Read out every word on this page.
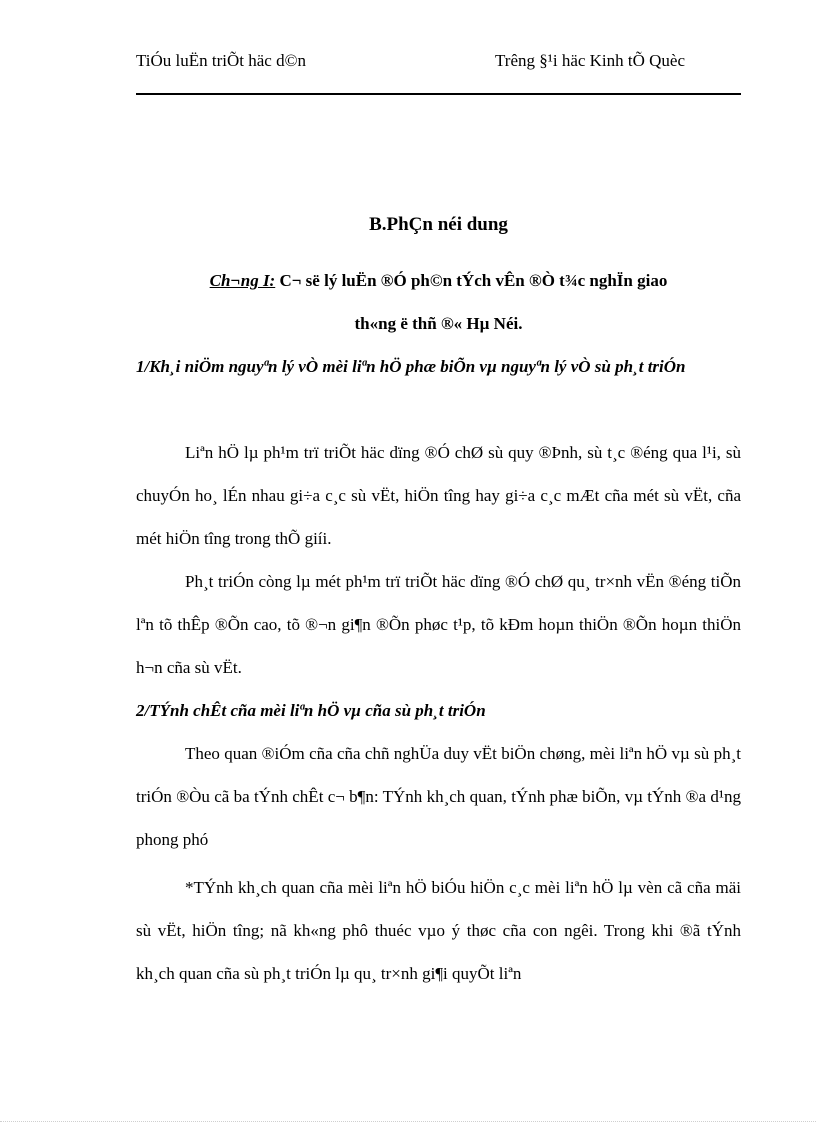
TiÓu luËn triÕt häc d©n	Trêng §¹i häc Kinh tÕ Quèc
B.PhÇn néi dung
Ch¬ng I: C¬ së lý luËn ®Ó ph©n tÝch vÊn ®Ò t¾c nghÏn giao
th«ng ë thñ ®« Hµ Néi.
1/Kh¸i niÖm nguyªn lý vÒ mèi liªn hÖ phæ biÕn vµ nguyªn lý vÒ sù ph¸t triÓn

Liªn hÖ lµ ph¹m trï triÕt häc dïng ®Ó chØ sù quy ®Þnh, sù t¸c ®éng qua l¹i, sù chuyÓn ho¸ lÉn nhau gi÷a c¸c sù vËt, hiÖn tîng hay gi÷a c¸c mÆt cña mét sù vËt, cña mét hiÖn tîng trong thÕ giíi.

Ph¸t triÓn còng lµ mét ph¹m trï triÕt häc dïng ®Ó chØ qu¸ tr×nh vËn ®éng tiÕn lªn tõ thÊp ®Õn cao, tõ ®¬n gi¶n ®Õn phøc t¹p, tõ kÐm hoµn thiÖn ®Õn hoµn thiÖn h¬n cña sù vËt.

2/TÝnh chÊt cña mèi liªn hÖ vµ cña sù ph¸t triÓn

Theo quan ®iÓm cña cña chñ nghÜa duy vËt biÖn chøng, mèi liªn hÖ vµ sù ph¸t triÓn ®Òu cã ba tÝnh chÊt c¬ b¶n: TÝnh kh¸ch quan, tÝnh phæ biÕn, vµ tÝnh ®a d¹ng phong phó

*TÝnh kh¸ch quan cña mèi liªn hÖ biÓu hiÖn c¸c mèi liªn hÖ lµ vèn cã cña mäi sù vËt, hiÖn tîng; nã kh«ng phô thuéc vµo ý thøc cña con ngêi. Trong khi ®ã tÝnh kh¸ch quan cña sù ph¸t triÓn lµ qu¸ tr×nh gi¶i quyÕt liªn
